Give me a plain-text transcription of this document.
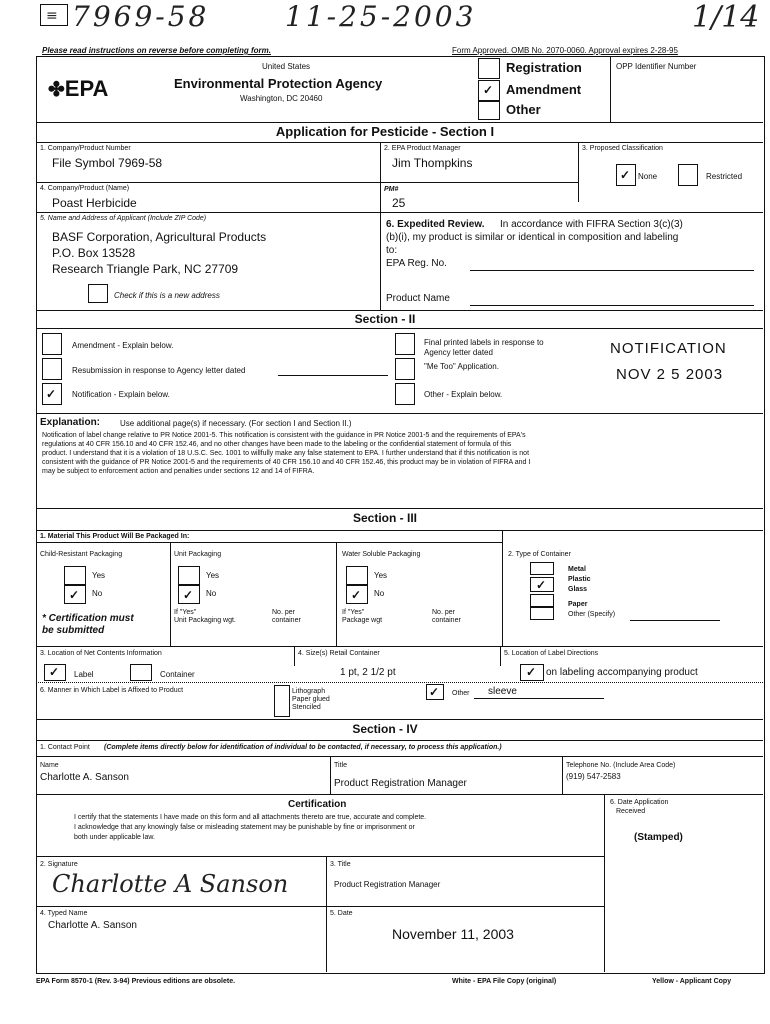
≡ 7969-58	11-25-2003	1/14
Please read instructions on reverse before completing form.	Form Approved. OMB No. 2070-0060. Approval expires 2-28-95
✤EPA
United States
Environmental Protection Agency
Washington, DC 20460
✓
Registration
Amendment
Other
OPP Identifier Number
Application for Pesticide - Section I
1. Company/Product Number
File Symbol 7969-58
2. EPA Product Manager
Jim Thompkins
3. Proposed Classification
✓ None	Restricted
4. Company/Product (Name)
Poast Herbicide
PM#
25
5. Name and Address of Applicant (Include ZIP Code)
BASF Corporation, Agricultural Products
P.O. Box 13528
Research Triangle Park, NC 27709
Check if this is a new address
6. Expedited Review. In accordance with FIFRA Section 3(c)(3)
(b)(i), my product is similar or identical in composition and labeling
to:
EPA Reg. No.
Product Name
Section - II
Amendment - Explain below.
Resubmission in response to Agency letter dated
✓ Notification - Explain below.
Final printed labels in response to
Agency letter dated
"Me Too" Application.
Other - Explain below.
NOTIFICATION
NOV 2 5 2003
Explanation: Use additional page(s) if necessary. (For section I and Section II.)
Notification of label change relative to PR Notice 2001-5. This notification is consistent with the guidance in PR Notice 2001-5 and the requirements of EPA's
regulations at 40 CFR 156.10 and 40 CFR 152.46, and no other changes have been made to the labeling or the confidential statement of formula of this
product. I understand that it is a violation of 18 U.S.C. Sec. 1001 to willfully make any false statement to EPA. I further understand that if this notification is not
consistent with the guidance of PR Notice 2001-5 and the requirements of 40 CFR 156.10 and 40 CFR 152.46, this product may be in violation of FIFRA and I
may be subject to enforcement action and penalties under sections 12 and 14 of FIFRA.
Section - III
1. Material This Product Will Be Packaged In:
Child-Resistant Packaging
Yes
✓ No
* Certification must
be submitted
Unit Packaging
Yes
✓ No
If "Yes"
Unit Packaging wgt.
No. per
container
Water Soluble Packaging
Yes
✓ No
If "Yes"
Package wgt
No. per
container
2. Type of Container
✓
Metal
Plastic
Glass
Paper
Other (Specify)
3. Location of Net Contents Information
✓ Label	Container
4. Size(s) Retail Container
1 pt, 2 1/2 pt
5. Location of Label Directions
✓ on labeling accompanying product
6. Manner in Which Label is Affixed to Product	Lithograph
Paper glued
Stenciled
✓ Other sleeve
Section - IV
1. Contact Point (Complete items directly below for identification of individual to be contacted, if necessary, to process this application.)
Name
Charlotte A. Sanson
Title
Product Registration Manager
Telephone No. (Include Area Code)
(919) 547-2583
Certification
I certify that the statements I have made on this form and all attachments thereto are true, accurate and complete.
I acknowledge that any knowingly false or misleading statement may be punishable by fine or imprisonment or
both under applicable law.
6. Date Application
Received
(Stamped)
2. Signature
Charlotte A Sanson
3. Title
Product Registration Manager
4. Typed Name
Charlotte A. Sanson
5. Date
November 11, 2003
EPA Form 8570-1 (Rev. 3-94) Previous editions are obsolete.	White - EPA File Copy (original)	Yellow - Applicant Copy
